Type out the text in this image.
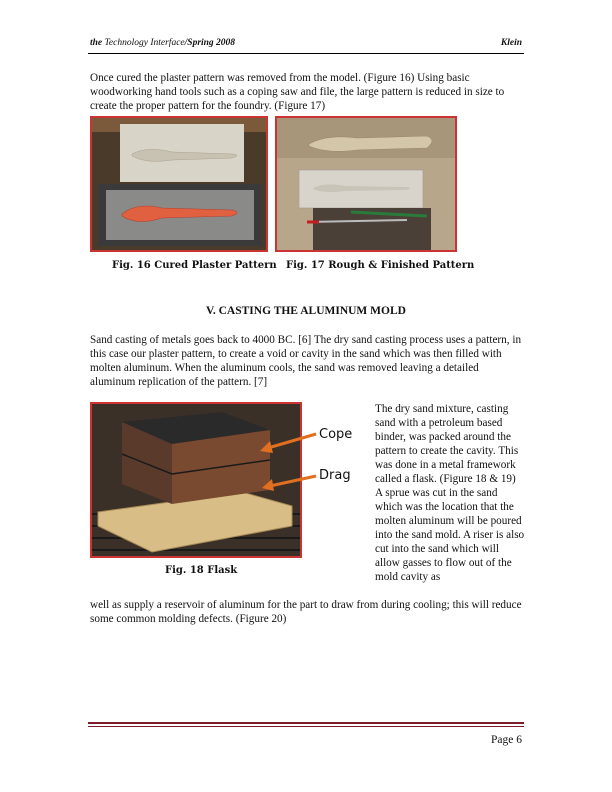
the Technology Interface/Spring 2008	Klein

Once cured the plaster pattern was removed from the model. (Figure 16) Using basic woodworking hand tools such as a coping saw and file, the large pattern is reduced in size to create the proper pattern for the foundry. (Figure 17)

Fig. 16 Cured Plaster Pattern Fig. 17 Rough & Finished Pattern
V. CASTING THE ALUMINUM MOLD

Sand casting of metals goes back to 4000 BC. [6] The dry sand casting process uses a pattern, in this case our plaster pattern, to create a void or cavity in the sand which was then filled with molten aluminum. When the aluminum cools, the sand was removed leaving a detailed aluminum replication of the pattern. [7]

Fig. 18 Flask
Cope
Drag

The dry sand mixture, casting sand with a petroleum based binder, was packed around the pattern to create the cavity. This was done in a metal framework called a flask. (Figure 18 & 19) A sprue was cut in the sand which was the location that the molten aluminum will be poured into the sand mold. A riser is also cut into the sand which will allow gasses to flow out of the mold cavity as

well as supply a reservoir of aluminum for the part to draw from during cooling; this will reduce some common molding defects. (Figure 20)

Page 6
